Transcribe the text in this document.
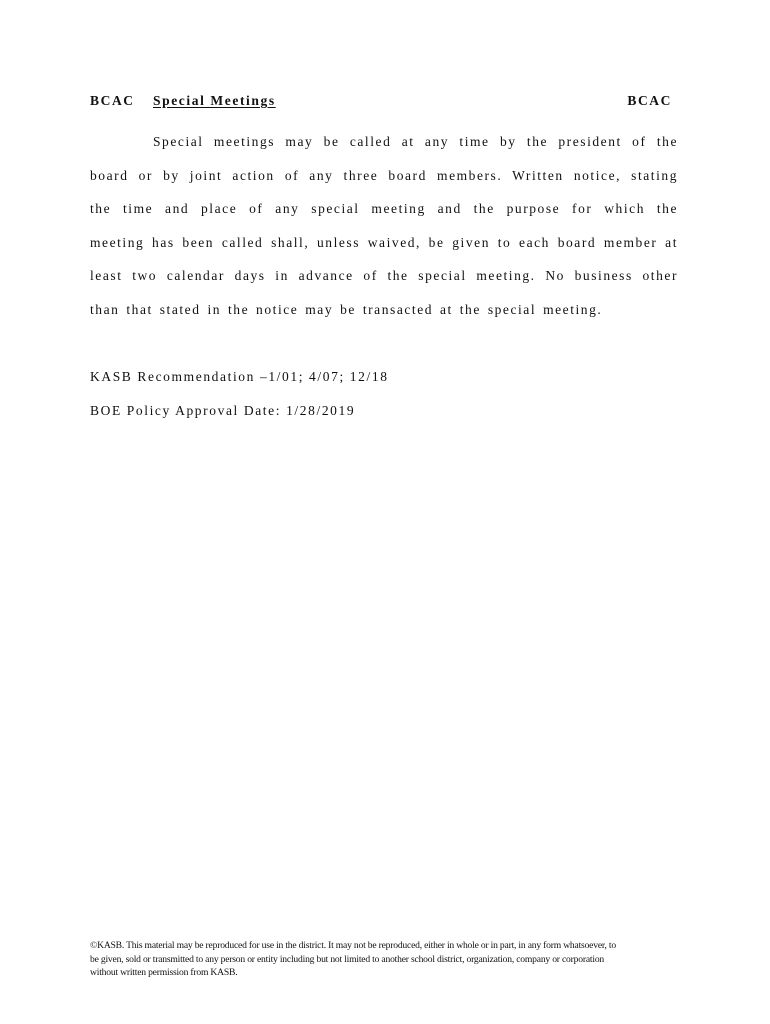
BCAC Special Meetings	BCAC
Special meetings may be called at any time by the president of the
board or by joint action of any three board members. Written notice, stating
the time and place of any special meeting and the purpose for which the
meeting has been called shall, unless waived, be given to each board member at
least two calendar days in advance of the special meeting. No business other
than that stated in the notice may be transacted at the special meeting.
KASB Recommendation –1/01; 4/07; 12/18
BOE Policy Approval Date: 1/28/2019
©KASB. This material may be reproduced for use in the district. It may not be reproduced, either in whole or in part, in any form whatsoever, to
be given, sold or transmitted to any person or entity including but not limited to another school district, organization, company or corporation
without written permission from KASB.
